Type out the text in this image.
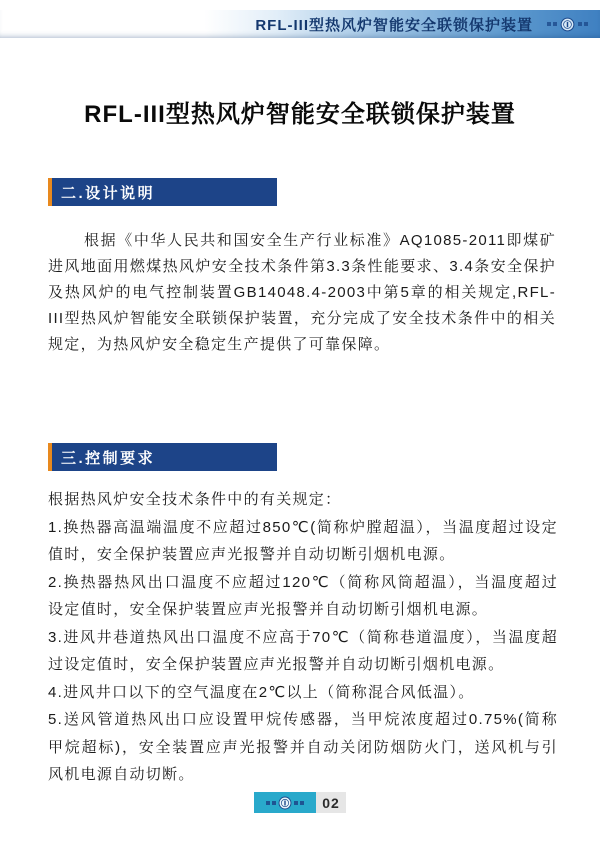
RFL-III型热风炉智能安全联锁保护装置
RFL-III型热风炉智能安全联锁保护装置
二.设计说明

根据《中华人民共和国安全生产行业标准》AQ1085-2011即煤矿进风地面用燃煤热风炉安全技术条件第3.3条性能要求、3.4条安全保护及热风炉的电气控制装置GB14048.4-2003中第5章的相关规定,RFL-III型热风炉智能安全联锁保护装置，充分完成了安全技术条件中的相关规定，为热风炉安全稳定生产提供了可靠保障。

三.控制要求

根据热风炉安全技术条件中的有关规定：

1.换热器高温端温度不应超过850℃(简称炉膛超温），当温度超过设定值时，安全保护装置应声光报警并自动切断引烟机电源。

2.换热器热风出口温度不应超过120℃（简称风筒超温），当温度超过设定值时，安全保护装置应声光报警并自动切断引烟机电源。

3.进风井巷道热风出口温度不应高于70℃（简称巷道温度），当温度超过设定值时，安全保护装置应声光报警并自动切断引烟机电源。

4.进风井口以下的空气温度在2℃以上（简称混合风低温）。

5.送风管道热风出口应设置甲烷传感器，当甲烷浓度超过0.75%(简称甲烷超标)，安全装置应声光报警并自动关闭防烟防火门，送风机与引风机电源自动切断。

02
